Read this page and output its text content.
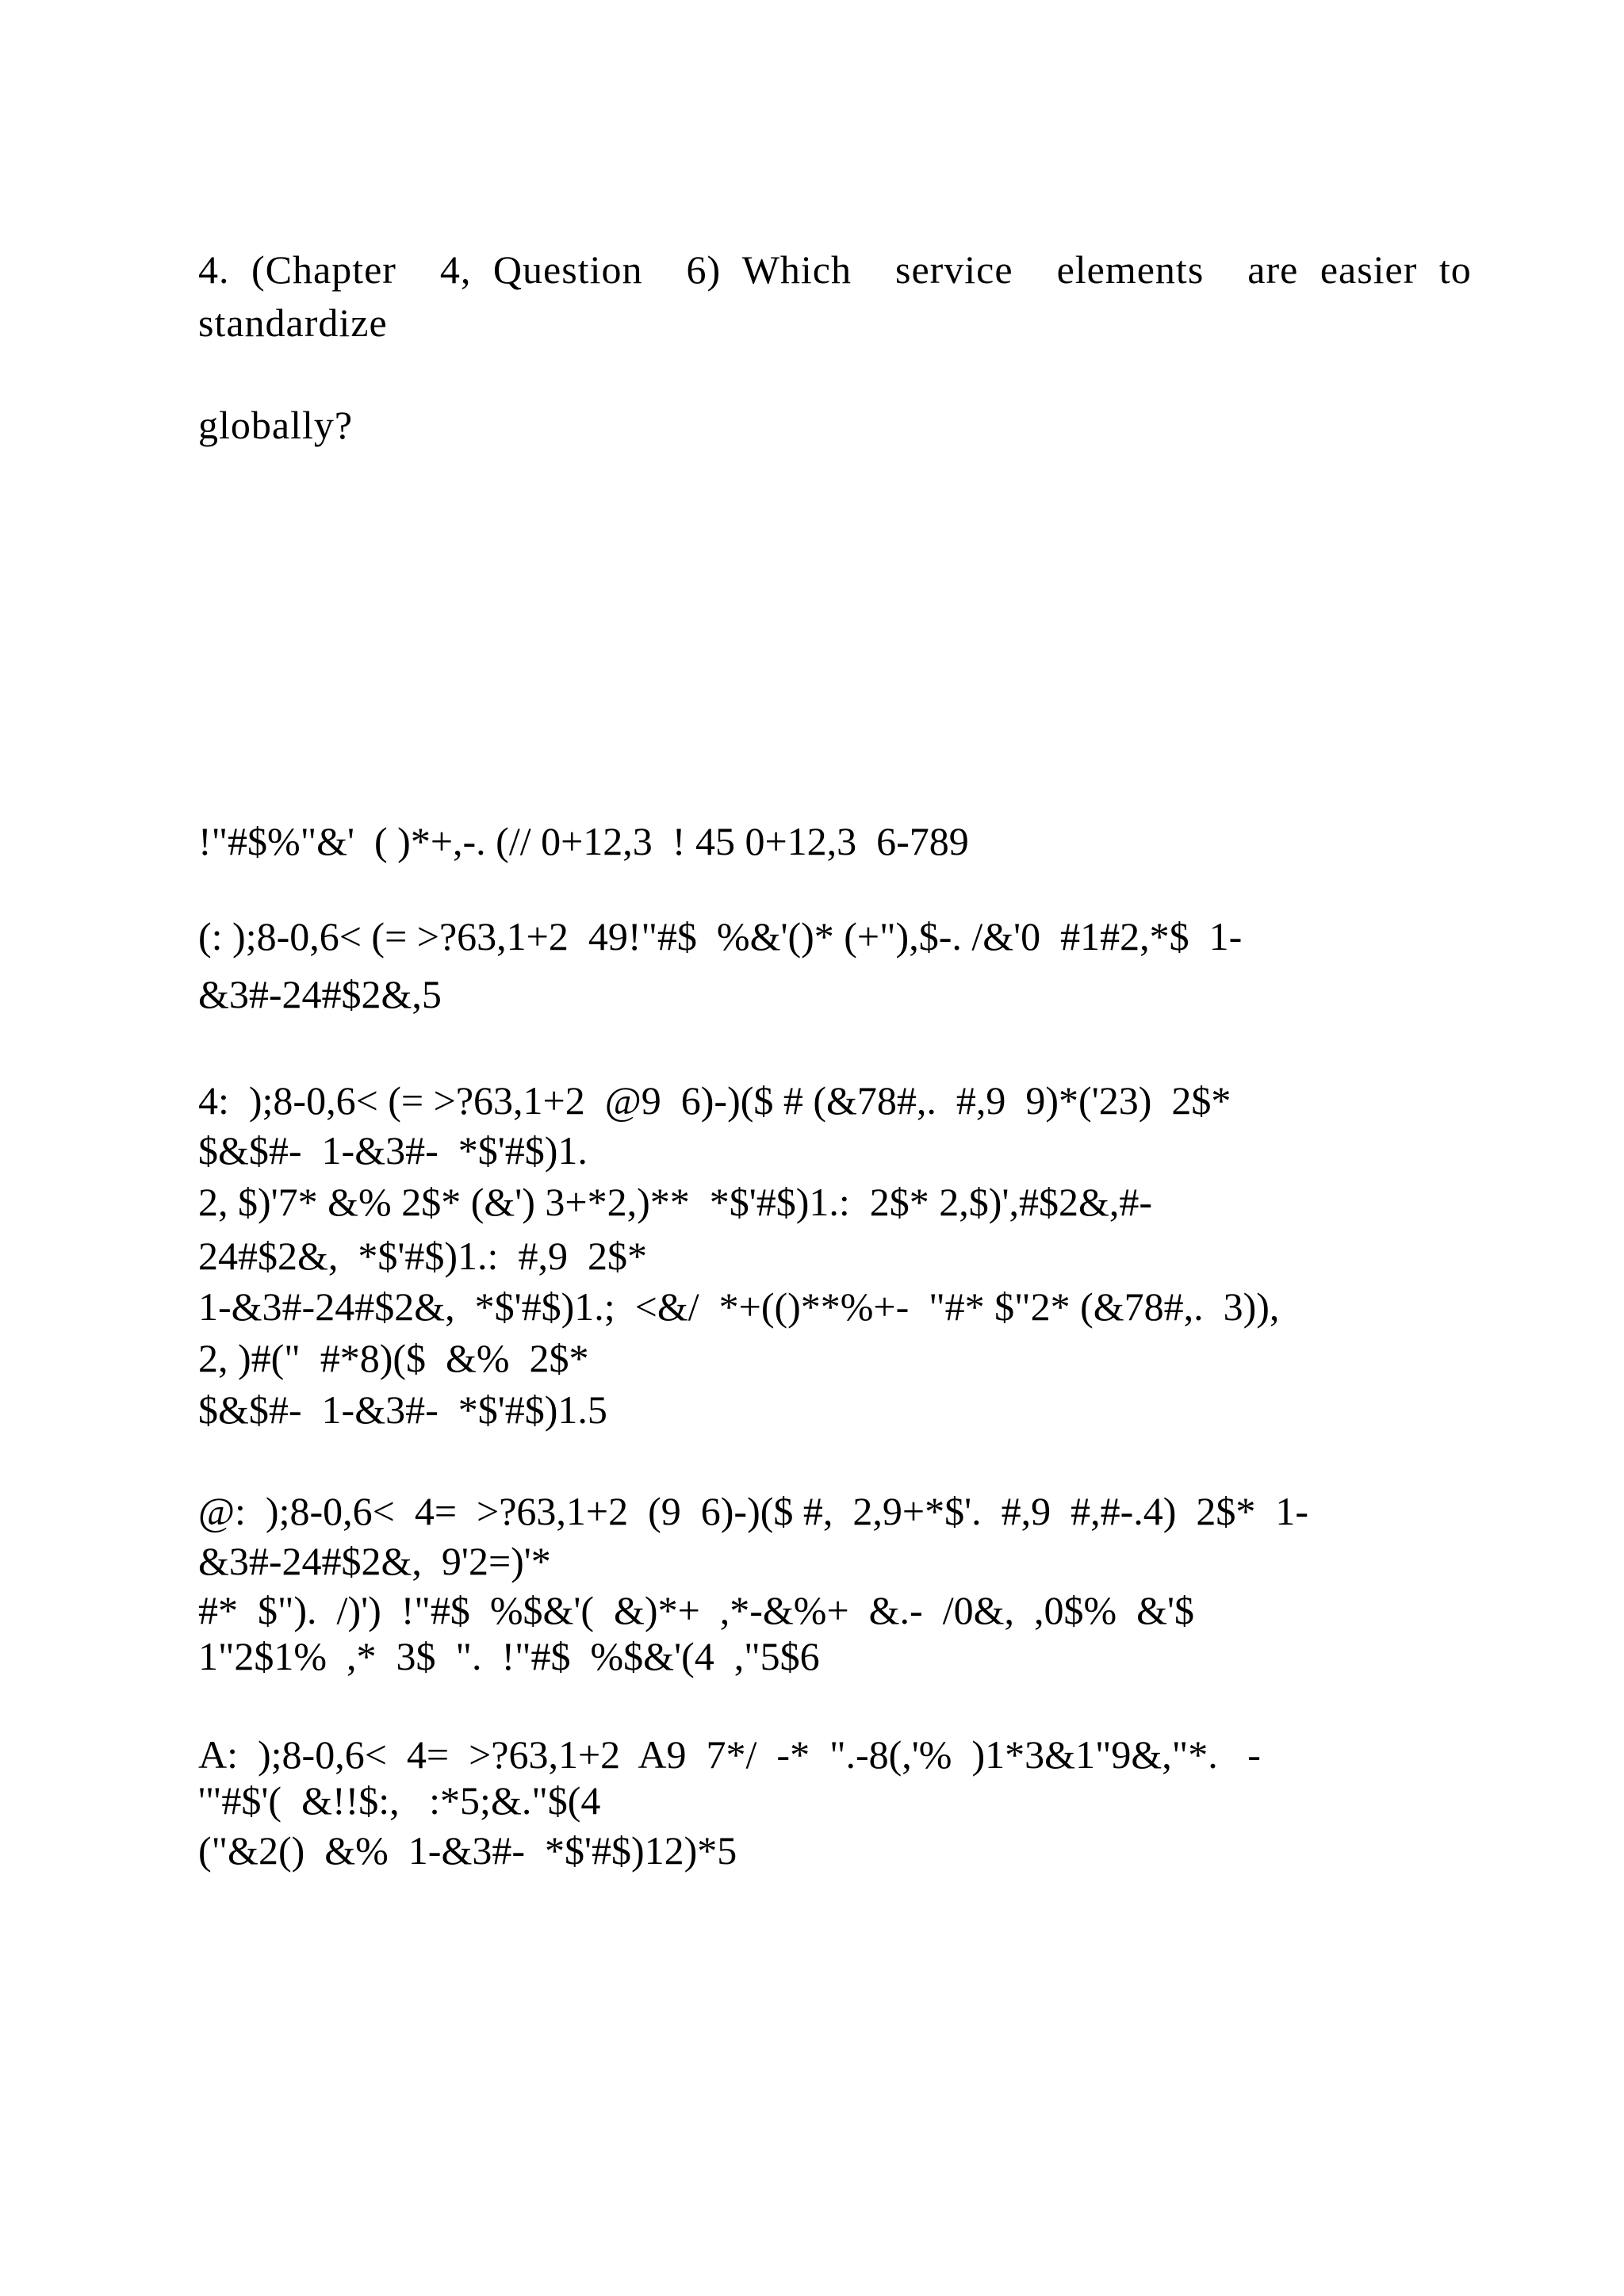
4. (Chapter  4, Question  6) Which  service  elements  are easier to
standardize
globally?
!"#$%"&'  ( )*+,-. (// 0+12,3  ! 45 0+12,3  6-789
(: );8-0,6< (= >?63,1+2  49!"#$  %&'()* (+"),$-. /&'0  #1#2,*$  1-
&3#-24#$2&,5
4:  );8-0,6< (= >?63,1+2  @9  6)-)($ # (&78#,.  #,9  9)*('23)  2$*
$&$#-  1-&3#-  *$'#$)1.
2, $)'7* &% 2$* (&') 3+*2,)**  *$'#$)1.:  2$* 2,$)',#$2&,#-
24#$2&,  *$'#$)1.:  #,9  2$*
1-&3#-24#$2&,  *$'#$)1.;  <&/  *+(()**%+-  "#* $"2* (&78#,.  3)),
2, )#("  #*8)($  &%  2$*
$&$#-  1-&3#-  *$'#$)1.5
@:  );8-0,6<  4=  >?63,1+2  (9  6)-)($ #,  2,9+*$'.  #,9  #,#-.4)  2$*  1-
&3#-24#$2&,  9'2=)'*
#*  $").  /)')  !"#$  %$&'(  &)*+  ,*-&%+  &.-  /0&,  ,0$%  &'$
1"2$1%  ,*  3$  ".  !"#$  %$&'(4  ,"5$6
A:  );8-0,6<  4=  >?63,1+2  A9  7*/  -*  ".-8(,'%  )1*3&1"9&,"*.   -
'"#$'(  &!!$:,   :*5;&."$(4
("&2()  &%  1-&3#-  *$'#$)12)*5
